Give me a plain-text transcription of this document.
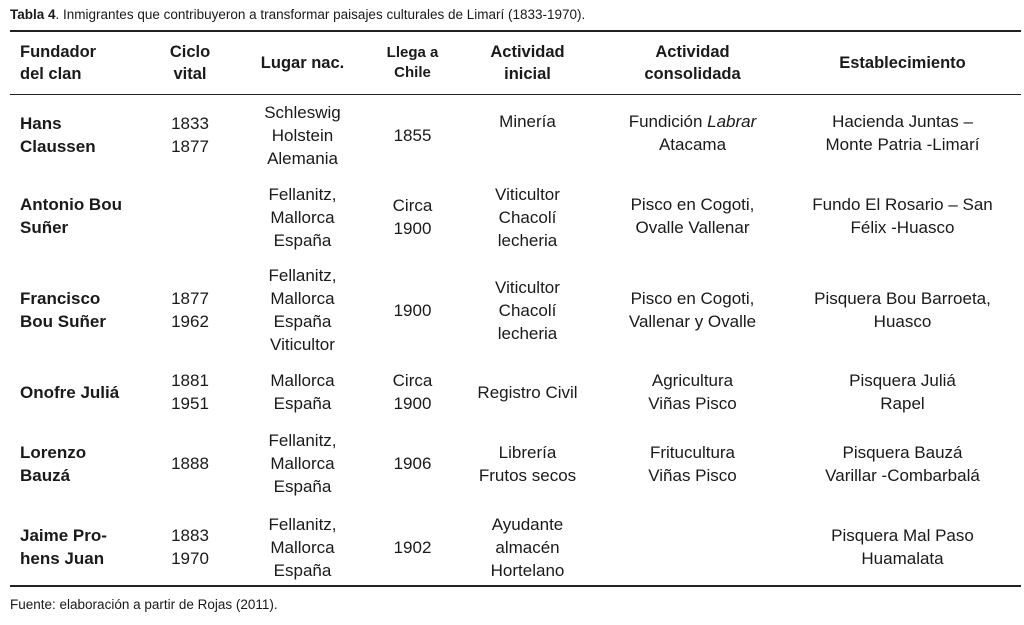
Tabla 4. Inmigrantes que contribuyeron a transformar paisajes culturales de Limarí (1833-1970).
Fundador
del clan
Ciclo
vital
Lugar nac.
Llega a
Chile
Actividad
inicial
Actividad
consolidada
Establecimiento
Hans
Claussen
1833
1877
Schleswig
Holstein
Alemania
1855
Minería	Fundición Labrar
Atacama
Hacienda Juntas –
Monte Patria -Limarí
Antonio Bou
Suñer
Fellanitz,
Mallorca
España
Circa
1900
Viticultor
Chacolí
lecheria
Pisco en Cogoti,
Ovalle Vallenar
Fundo El Rosario – San
Félix -Huasco
Francisco
Bou Suñer
1877
1962
Fellanitz,
Mallorca
España
Viticultor
1900
Viticultor
Chacolí
lecheria
Pisco en Cogoti,
Vallenar y Ovalle
Pisquera Bou Barroeta,
Huasco
Onofre Juliá
1881
1951
Mallorca
España
Circa
1900
Registro Civil
Agricultura
Viñas Pisco
Pisquera Juliá
Rapel
Lorenzo
Bauzá
1888
Fellanitz,
Mallorca
España
1906
Librería
Frutos secos
Fritucultura
Viñas Pisco
Pisquera Bauzá
Varillar -Combarbalá
Jaime Pro-
hens Juan
1883
1970
Fellanitz,
Mallorca
España
1902
Ayudante
almacén
Hortelano
Pisquera Mal Paso
Huamalata
Fuente: elaboración a partir de Rojas (2011).
